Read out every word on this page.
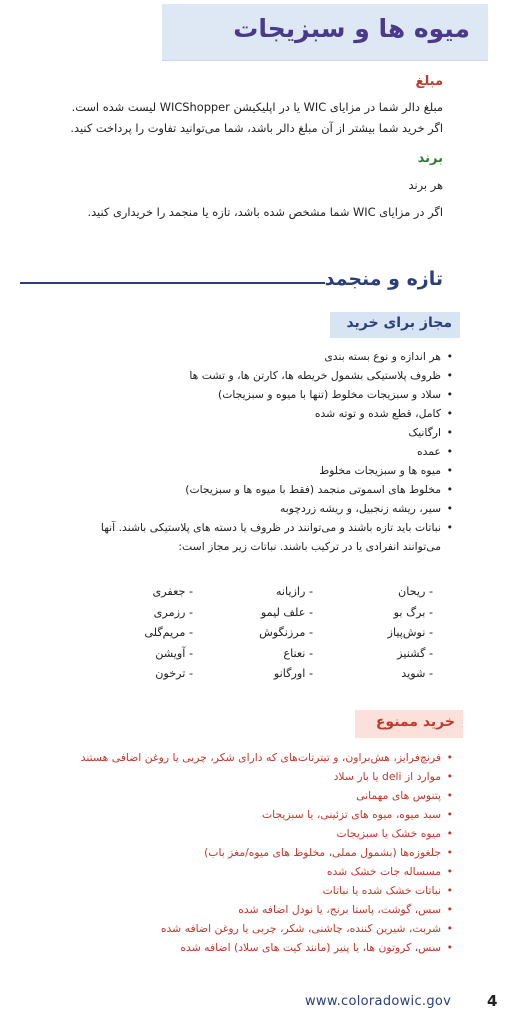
میوه ها و سبزیجات
مبلغ
مبلغ دالر شما در مزایای WIC یا در اپلیکیشن WICShopper لیست شده است.
اگر خرید شما بیشتر از آن مبلغ دالر باشد، شما می‌توانید تفاوت را پرداخت کنید.
برند
هر برند
اگر در مزایای WIC شما مشخص شده باشد، تازه یا منجمد را خریداری کنید.
تازه و منجمد
مجاز برای خرید
•
هر اندازه و نوع بسته بندی
•
ظروف پلاستیکی بشمول خریطه ها، کارتن ها، و تشت ها
•
سلاد و سبزیجات مخلوط (تنها با میوه و سبزیجات)
•
کامل، قطع شده و توته شده
•
ارگانیک
•
عمده
•
میوه ها و سبزیجات مخلوط
•
مخلوط های اسموتی منجمد (فقط با میوه ها و سبزیجات)
•
سیر، ریشه زنجبیل، و ریشه زردچوبه
•
نباتات باید تازه باشند و می‌توانند در ظروف یا دسته های پلاستیکی باشند. آنها
می‌توانند انفرادی یا در ترکیب باشند. نباتات زیر مجاز است:
- ریحان
- برگ بو
- نوش‌پیاز
- گشنیز
- شوید
- رازیانه
- علف لیمو
- مرزنگوش
- نعناع
- اورگانو
- جعفری
- رزمری
- مریم‌گلی
- آویشن
- ترخون
خرید ممنوع
•
فرنچ‌فرایز، هش‌براون، و تیترتات‌های که دارای شکر، چربی یا روغن اضافی هستند
•
موارد از deli یا بار سلاد
•
پتنوس های مهمانی
•
سبد میوه، میوه های تزئینی، یا سبزیجات
•
میوه خشک یا سبزیجات
•
جلغوزه‌ها (بشمول مملی، مخلوط های میوه/مغز باب)
•
مسساله جات خشک شده
•
نباتات خشک شده یا نباتات
•
سس، گوشت، پاستا برنج، یا نودل اضافه شده
•
شربت، شیرین کننده، چاشنی، شکر، چربی یا روغن اضافه شده
•
سس، کروتون ها، یا پنیر (مانند کیت های سلاد) اضافه شده
www.coloradowic.gov 4
